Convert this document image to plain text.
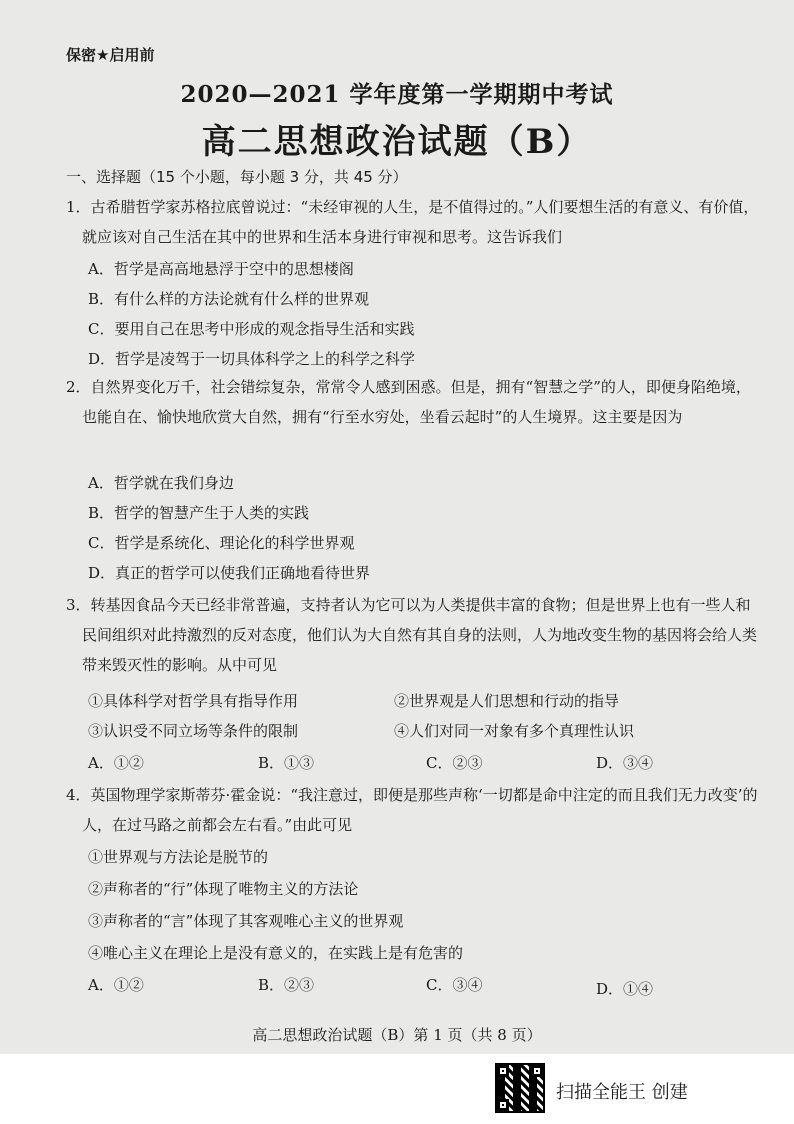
保密★启用前
2020—2021 学年度第一学期期中考试
高二思想政治试题（B）
一、选择题（15 个小题，每小题 3 分，共 45 分）
1．古希腊哲学家苏格拉底曾说过：“未经审视的人生，是不值得过的。”人们要想生活的有意义、有价值，就应该对自己生活在其中的世界和生活本身进行审视和思考。这告诉我们
A．哲学是高高地悬浮于空中的思想楼阁
B．有什么样的方法论就有什么样的世界观
C．要用自己在思考中形成的观念指导生活和实践
D．哲学是凌驾于一切具体科学之上的科学之科学
2．自然界变化万千，社会错综复杂，常常令人感到困惑。但是，拥有“智慧之学”的人，即便身陷绝境，也能自在、愉快地欣赏大自然，拥有“行至水穷处，坐看云起时”的人生境界。这主要是因为
A．哲学就在我们身边
B．哲学的智慧产生于人类的实践
C．哲学是系统化、理论化的科学世界观
D．真正的哲学可以使我们正确地看待世界
3．转基因食品今天已经非常普遍，支持者认为它可以为人类提供丰富的食物；但是世界上也有一些人和民间组织对此持激烈的反对态度，他们认为大自然有其自身的法则，人为地改变生物的基因将会给人类带来毁灭性的影响。从中可见
①具体科学对哲学具有指导作用	②世界观是人们思想和行动的指导
③认识受不同立场等条件的限制	④人们对同一对象有多个真理性认识
A．①②	B．①③	C．②③	D．③④
4．英国物理学家斯蒂芬·霍金说：“我注意过，即便是那些声称‘一切都是命中注定的而且我们无力改变’的人，在过马路之前都会左右看。”由此可见
①世界观与方法论是脱节的
②声称者的“行”体现了唯物主义的方法论
③声称者的“言”体现了其客观唯心主义的世界观
④唯心主义在理论上是没有意义的，在实践上是有危害的
A．①②	B．②③	C．③④	D．①④
高二思想政治试题（B）第 1 页（共 8 页）
扫描全能王 创建
